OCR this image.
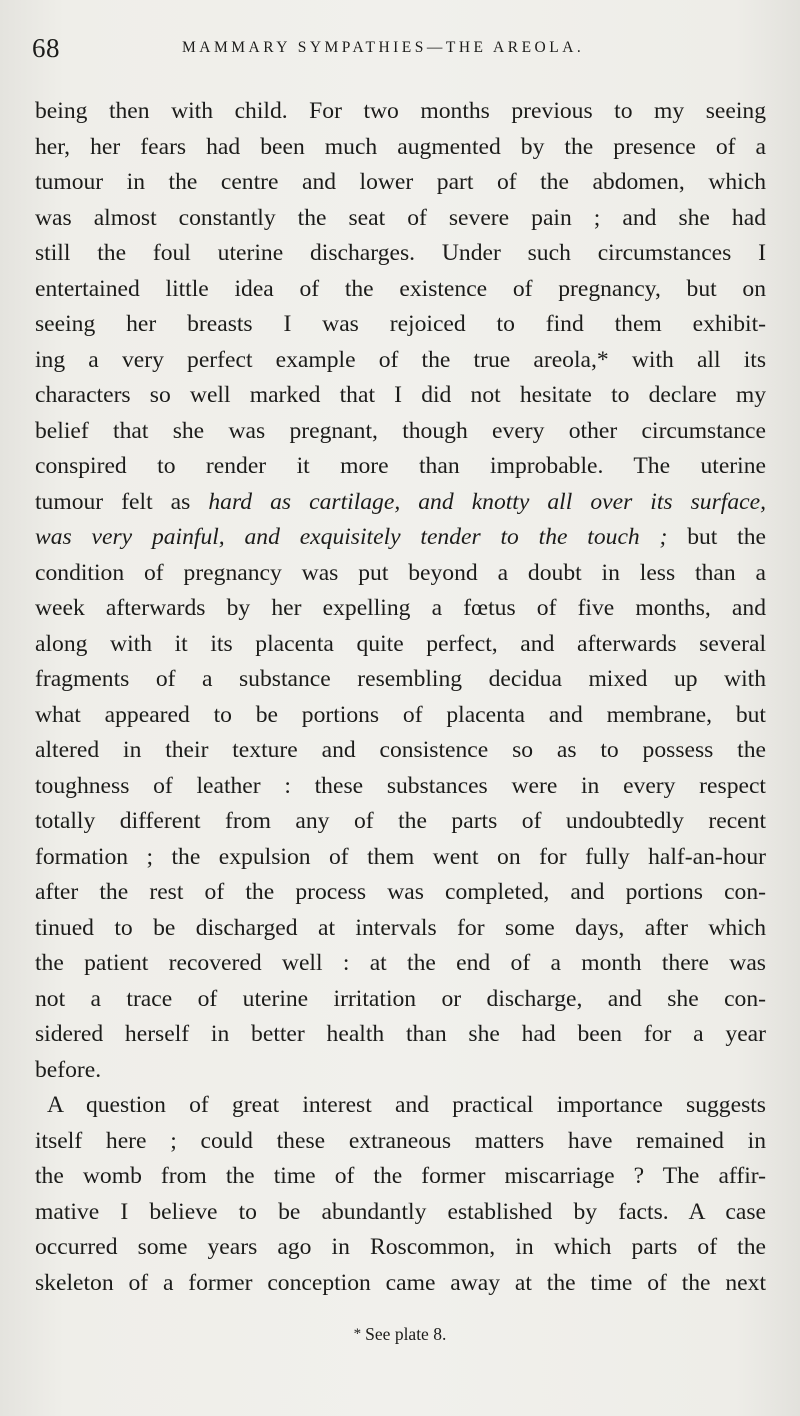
68	MAMMARY SYMPATHIES—THE AREOLA.
being then with child. For two months previous to my seeing
her, her fears had been much augmented by the presence of a
tumour in the centre and lower part of the abdomen, which
was almost constantly the seat of severe pain ; and she had
still the foul uterine discharges. Under such circumstances I
entertained little idea of the existence of pregnancy, but on
seeing her breasts I was rejoiced to find them exhibit-
ing a very perfect example of the true areola,* with all its
characters so well marked that I did not hesitate to declare my
belief that she was pregnant, though every other circumstance
conspired to render it more than improbable. The uterine
tumour felt as hard as cartilage, and knotty all over its surface,
was very painful, and exquisitely tender to the touch ; but the
condition of pregnancy was put beyond a doubt in less than a
week afterwards by her expelling a fœtus of five months, and
along with it its placenta quite perfect, and afterwards several
fragments of a substance resembling decidua mixed up with
what appeared to be portions of placenta and membrane, but
altered in their texture and consistence so as to possess the
toughness of leather : these substances were in every respect
totally different from any of the parts of undoubtedly recent
formation ; the expulsion of them went on for fully half-an-hour
after the rest of the process was completed, and portions con-
tinued to be discharged at intervals for some days, after which
the patient recovered well : at the end of a month there was
not a trace of uterine irritation or discharge, and she con-
sidered herself in better health than she had been for a year
before.
A question of great interest and practical importance suggests
itself here ; could these extraneous matters have remained in
the womb from the time of the former miscarriage ? The affir-
mative I believe to be abundantly established by facts. A case
occurred some years ago in Roscommon, in which parts of the
skeleton of a former conception came away at the time of the next
* See plate 8.
